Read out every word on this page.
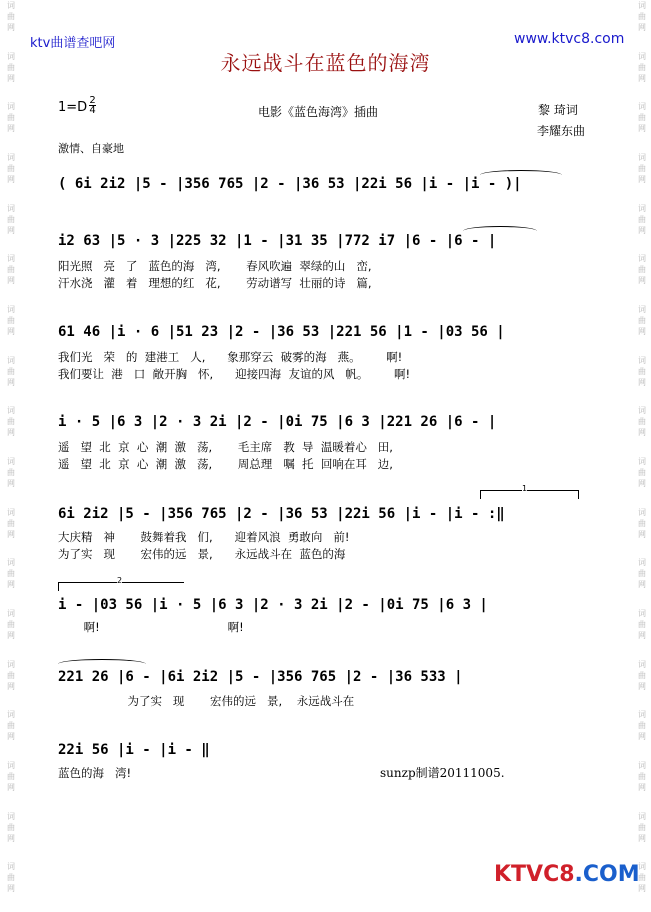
词
曲
网
词
曲
网
词
曲
网
词
曲
网
词
曲
网
词
曲
网
词
曲
网
词
曲
网
词
曲
网
词
曲
网
词
曲
网
词
曲
网
词
曲
网
词
曲
网
词
曲
网
词
曲
网
词
曲
网
词
曲
网
词
曲
网
词
曲
网
词
曲
网
词
曲
网
词
曲
网
词
曲
网
词
曲
网
词
曲
网
词
曲
网
词
曲
网
词
曲
网
词
曲
网
词
曲
网
词
曲
网
词
曲
网
词
曲
网
词
曲
网
词
曲
网
ktv曲谱查吧网	www.ktvc8.com
永远战斗在蓝色的海湾
1=D 2
4	电影《蓝色海湾》插曲	黎 琦词
李耀东曲
激情、自豪地
( 6i 2i2 |5 - |356 765 |2 - |36 53 |22i 56 |i - |i - )|
i2 63 |5 · 3 |225 32 |1 - |31 35 |772 i7 |6 - |6 - |
阳光照   亮   了   蓝色的海   湾,       春风吹遍  翠绿的山   峦,
汗水浇   灌   着   理想的红   花,       劳动谱写  壮丽的诗   篇,
61 46 |i · 6 |51 23 |2 - |36 53 |221 56 |1 - |03 56 |
我们光   荣   的  建港工   人,      象那穿云  破雾的海   燕。       啊!
我们要让  港   口  敞开胸   怀,      迎接四海  友谊的风   帆。       啊!
i · 5 |6 3 |2 · 3 2i |2 - |0i 75 |6 3 |221 26 |6 - |
遥   望  北  京  心  潮  激   荡,       毛主席   教  导  温暖着心   田,
遥   望  北  京  心  潮  激   荡,       周总理   嘱  托  回响在耳   边,
1
6i 2i2 |5 - |356 765 |2 - |36 53 |22i 56 |i - |i - :‖
大庆精   神       鼓舞着我   们,      迎着风浪  勇敢向   前!
为了实   现       宏伟的远   景,      永远战斗在  蓝色的海
2
i - |03 56 |i · 5 |6 3 |2 · 3 2i |2 - |0i 75 |6 3 |
啊!                                   啊!
221 26 |6 - |6i 2i2 |5 - |356 765 |2 - |36 533 |
为了实   现       宏伟的远   景,    永远战斗在
22i 56 |i - |i - ‖
蓝色的海   湾!	sunzp制谱20111005.
KTVC8.COM
